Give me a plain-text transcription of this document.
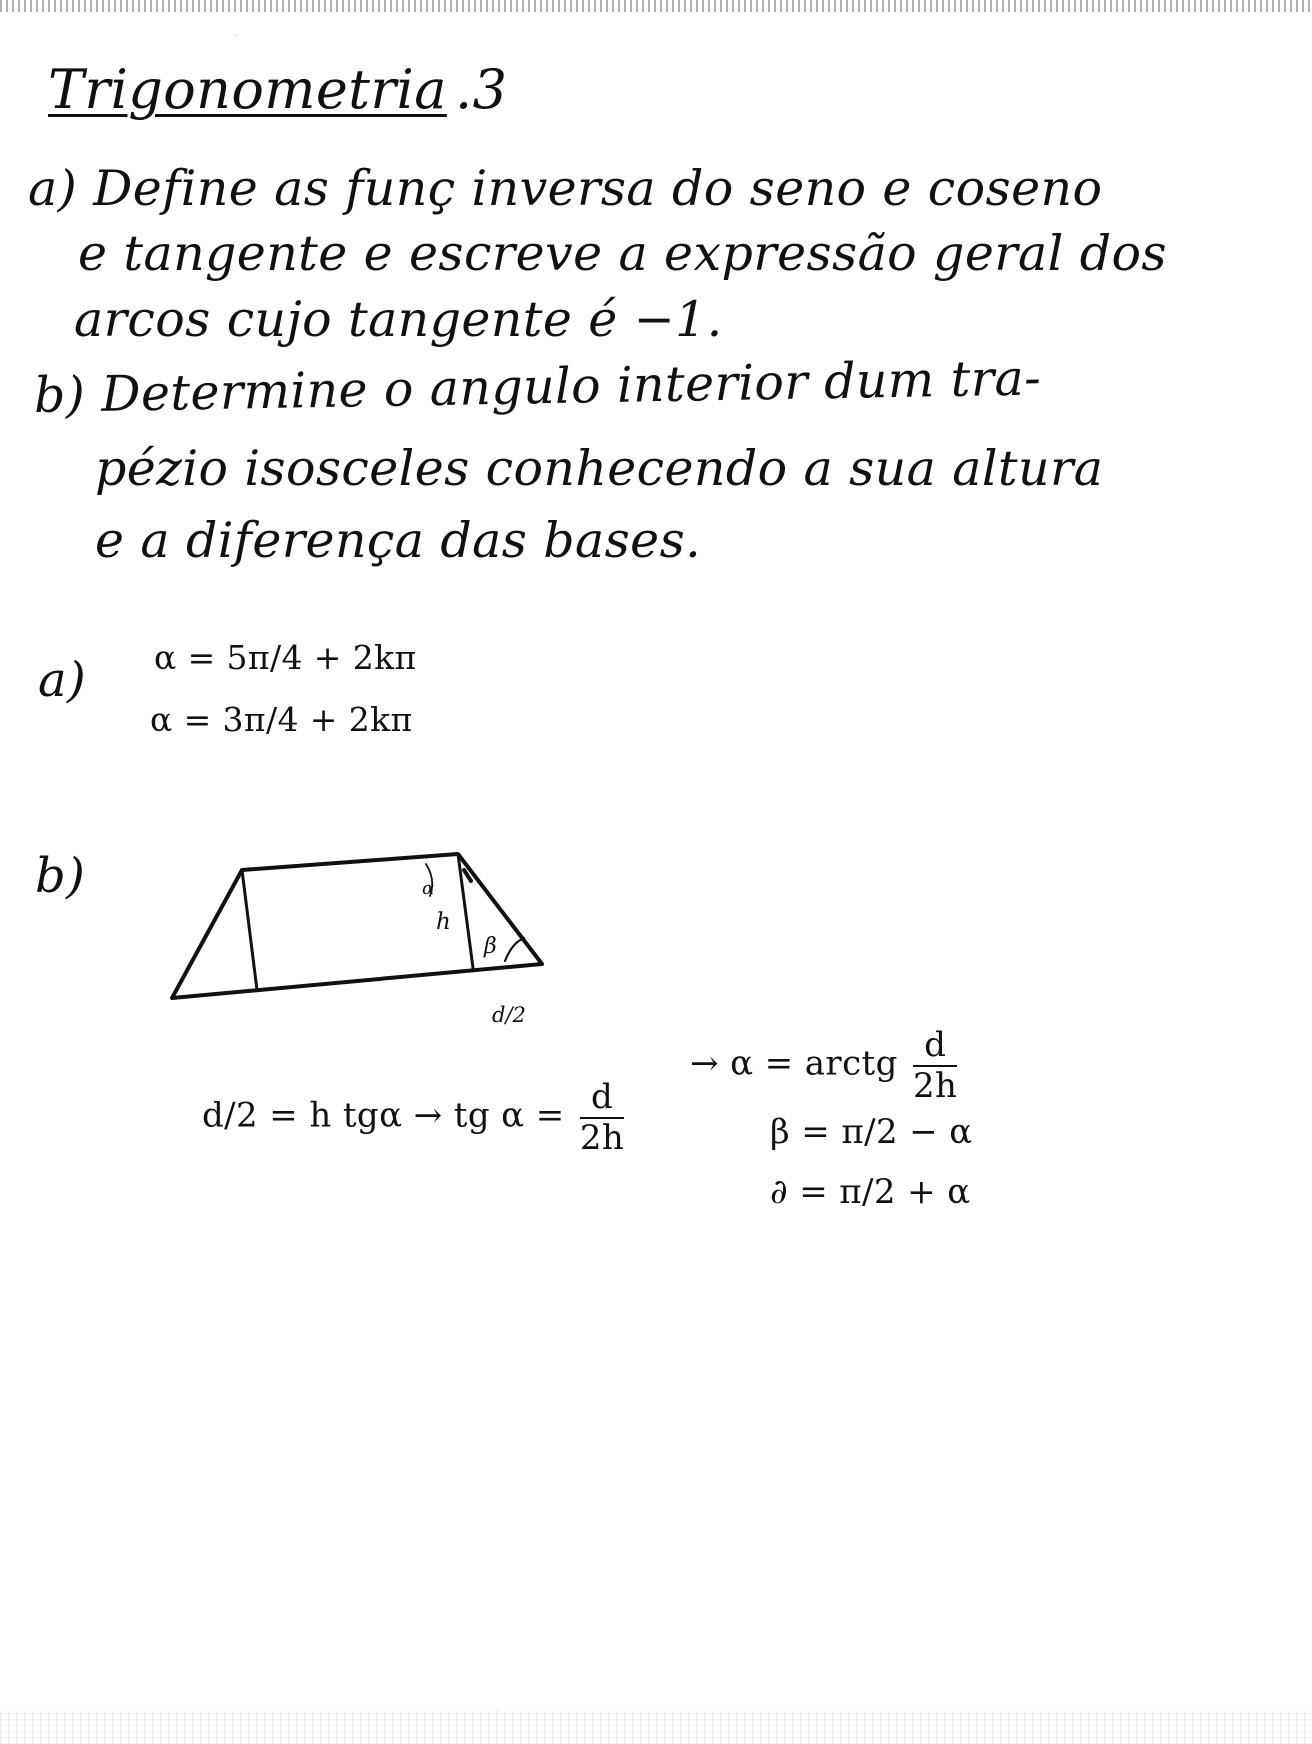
Trigonometria .3
a) Define as funç inversa do seno e coseno
e tangente e escreve a expressão geral dos
arcos cujo tangente é −1.
b) Determine o angulo interior dum tra-
pézio isosceles conhecendo a sua altura
e a diferença das bases.
a) α = 5π/4 + 2kπ
α = 3π/4 + 2kπ
b)	α
h
β
d/2
d/2 = h tgα → tg $\alpha = \frac{d}{2h}$
→ α = arctg $\frac{d}{2h}$
β = π/2 − α
∂ = π/2 + α
